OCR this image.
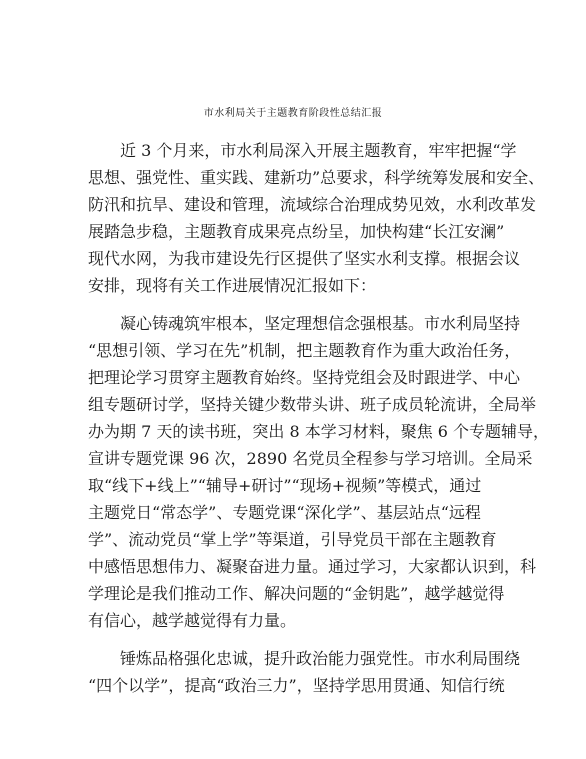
市水利局关于主题教育阶段性总结汇报
近 3 个月来，市水利局深入开展主题教育，牢牢把握“学
思想、强党性、重实践、建新功”总要求，科学统筹发展和安全、
防汛和抗旱、建设和管理，流域综合治理成势见效，水利改革发
展踏急步稳，主题教育成果亮点纷呈，加快构建“长江安澜”
现代水网，为我市建设先行区提供了坚实水利支撑。根据会议
安排，现将有关工作进展情况汇报如下：
凝心铸魂筑牢根本，坚定理想信念强根基。市水利局坚持
“思想引领、学习在先”机制，把主题教育作为重大政治任务，
把理论学习贯穿主题教育始终。坚持党组会及时跟进学、中心
组专题研讨学，坚持关键少数带头讲、班子成员轮流讲，全局举
办为期 7 天的读书班，突出 8 本学习材料，聚焦 6 个专题辅导，
宣讲专题党课 96 次，2890 名党员全程参与学习培训。全局采
取“线下+线上”“辅导+研讨”“现场+视频”等模式，通过
主题党日“常态学”、专题党课“深化学”、基层站点“远程
学”、流动党员“掌上学”等渠道，引导党员干部在主题教育
中感悟思想伟力、凝聚奋进力量。通过学习，大家都认识到，科
学理论是我们推动工作、解决问题的“金钥匙”，越学越觉得
有信心，越学越觉得有力量。
锤炼品格强化忠诚，提升政治能力强党性。市水利局围绕
“四个以学”，提高“政治三力”，坚持学思用贯通、知信行统
